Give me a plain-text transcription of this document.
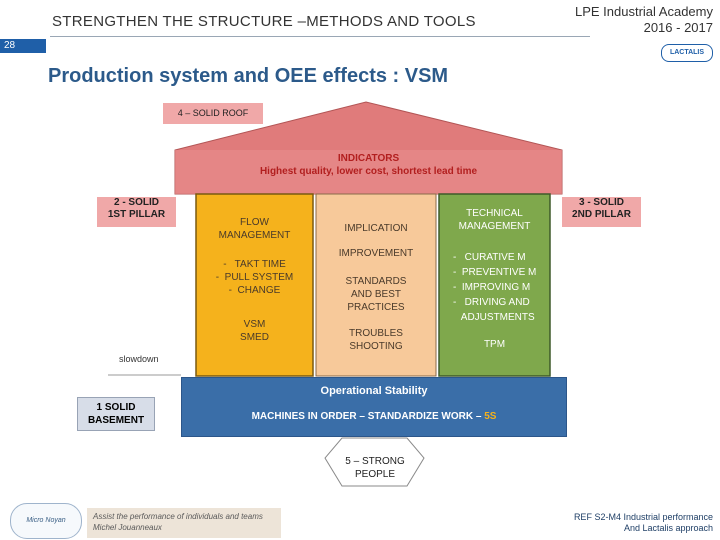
STRENGTHEN THE STRUCTURE –METHODS AND TOOLS
LPE Industrial Academy
2016 - 2017
28
LACTALIS
Production system and OEE effects : VSM
4 – SOLID ROOF
INDICATORS
Highest quality, lower cost, shortest lead time
2 - SOLID
1ST PILLAR
3 - SOLID
2ND PILLAR
FLOW
MANAGEMENT
-   TAKT TIME
-  PULL SYSTEM
-  CHANGE
VSM
SMED
IMPLICATION
IMPROVEMENT
STANDARDS
AND BEST
PRACTICES
TROUBLES
SHOOTING
TECHNICAL
MANAGEMENT
-   CURATIVE M
-  PREVENTIVE M
-  IMPROVING M
-   DRIVING AND
ADJUSTMENTS
TPM
slowdown
Operational Stability
MACHINES IN ORDER – STANDARDIZE WORK – 5S
1 SOLID
BASEMENT
5 – STRONG
PEOPLE
Micro Noyan	Assist the performance of individuals and teams
Michel Jouanneaux
REF S2-M4 Industrial performance
And Lactalis approach
